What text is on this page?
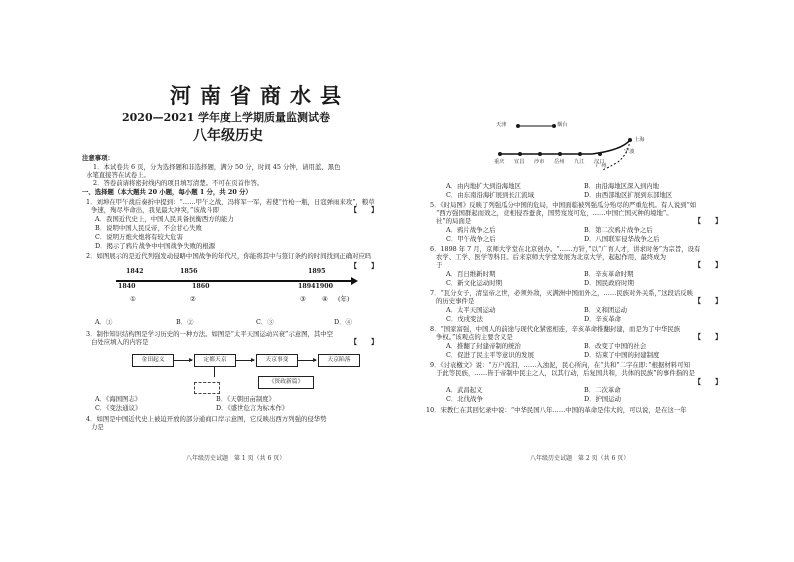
河南省商水县
2020—2021 学年度上学期质量监测试卷
八年级历史
注意事项：
1．本试卷共 6 页，分为选择题和非选择题，满分 50 分，时间 45 分钟，请用蓝、黑色
水笔直接答在试卷上。
2．答卷前请将密封线内的项目填写清楚。不可在页首作答。
一、选择题（本大题共 20 小题，每小题 1 分，共 20 分）
1．刘坤在甲午战后奏折中提到：“……甲午之战，冯将军一军，若使“竹枪一瓶，日寇弹雨来攻”，粮草
争速，殉尽毕命出，我见最大冲突，”该战斗即	【　　】
A．我国近代史上，中国人民具备抗衡西方的能力
B．说明中国人民反帝，不会甘心失败
C．说明万炮火炮将有较大危害
D．揭示了鸦片战争中中国战争失败的根源
2．如图展示的是近代列强发动侵略中国战争的年代尺，你能将其中与签订条约的时间找到正确对应吗
【　　】
1842	1856	1895
1840	1860	18941900
(年)
①	②	③	④
A．①	B．②	C．③	D．④
3．制作知识结构图是学习历史的一种方法。如图是“太平天国运动兴衰”示意图，其中空
白处应填入的内容是	【　　】
金田起义	定都天京	天京事变	天京陷落
《资政新篇》
A．《海国图志》	B．《天朝田亩制度》
C．《变法通议》	D．《盛世危言为标本作》
4．如图是中国近代史上被迫开放的部分通商口岸示意图，它反映出西方列强的侵华势
力是
八年级历史试题　第 1 页（共 6 页）
天津	烟台
重庆 宜昌 沙市 岳州 九江 汉口
上海
宁波
广州
A．由内地扩大到沿海地区	B．由沿海地区深入到内地
C．由东南沿海扩展到长江流域	D．由西部地区扩展到东部地区
5．《时局图》反映了列强瓜分中国的危局，中国面临被列强瓜分殆尽的严重危机。有人说到“如
“西方强国群起而效之，竞相侵吞蚕食，国势岌岌可危，……中国亡国灭种的境地”。
社”的局面是	【　　】
A．鸦片战争之后	B．第二次鸦片战争之后
C．甲午战争之后	D．八国联军侵华战争之后
6．1898 年 7 月，京师大学堂在北京创办。“……方针，”以“广育人才，讲求时务”为宗旨，设有
农学、工学、医学等科目。后来京师大学堂发展为北京大学，起起作用，最终成为
于	【　　】
A．百日维新时期	B．辛亥革命时期
C．新文化运动时期	D．国民政府时期
7．“瓦分女子，清皇帝之世，必须外敌，灭满洲中国而外之，……民族对外关系，”这段话反映
的历史事件是	【　　】
A．太平天国运动	B．义和团运动
C．戊戌变法	D．辛亥革命
8．“国家富强，中国人的前途与现代化紧密相连，辛亥革命推翻封建，而是为了中华民族
争权。”该观点的主要含义是	【　　】
A．推翻了封建帝制的统治	B．改变了中国的社会
C．促进了民主平等意识的发展	D．结束了中国的封建制度
9．《讨袁檄文》说：“万户流泪，……入浊泥，民心所向，在“共和”二字在即：”根据材料可知
于此等民族，……皆于帝制中民主之人，以其行动，后复国共和，共体的民族”的事件指的是
【　　】
A．武昌起义	B．二次革命
C．北伐战争	D．护国运动
10．宋教仁在其回忆录中说：“中华民国八年……中国的革命是伟大的，可以说，是在这一年
八年级历史试题　第 2 页（共 6 页）
